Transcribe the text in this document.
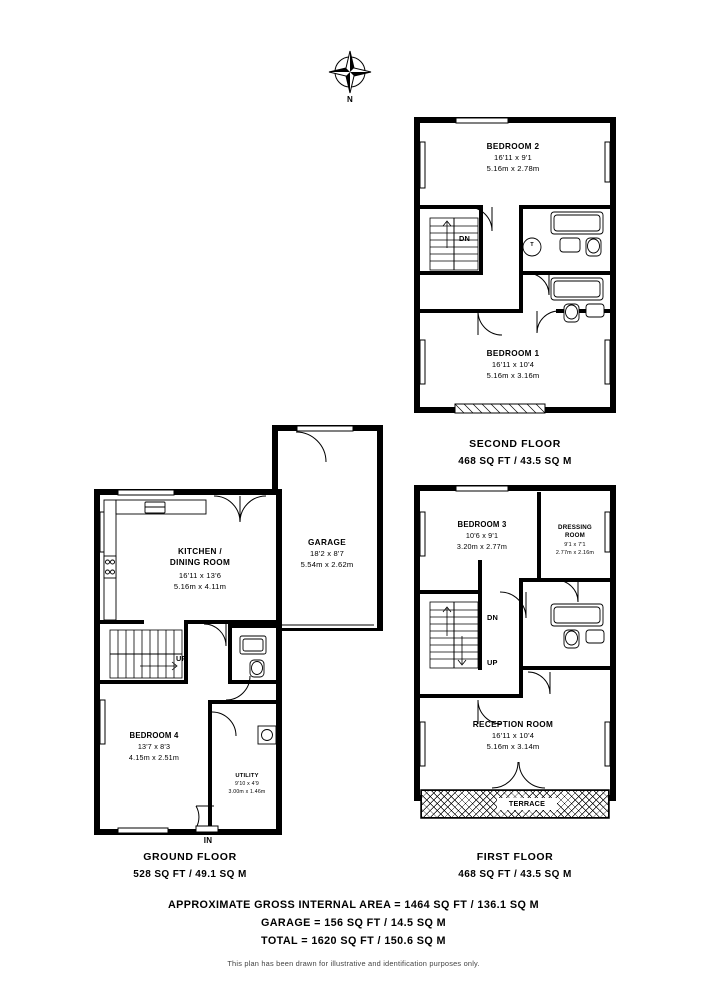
N
BEDROOM 2
16'11 x 9'1
5.16m x 2.78m
BEDROOM 1
16'11 x 10'4
5.16m x 3.16m
DN
T
SECOND FLOOR
468 SQ FT / 43.5 SQ M
TERRACE
BEDROOM 3
10'6 x 9'1
3.20m x 2.77m
DRESSING
ROOM
9'1 x 7'1
2.77m x 2.16m
RECEPTION ROOM
16'11 x 10'4
5.16m x 3.14m
DN
UP
FIRST FLOOR
468 SQ FT / 43.5 SQ M
KITCHEN /
DINING ROOM
16'11 x 13'6
5.16m x 4.11m
GARAGE
18'2 x 8'7
5.54m x 2.62m
BEDROOM 4
13'7 x 8'3
4.15m x 2.51m
UTILITY
9'10 x 4'9
3.00m x 1.46m
UP
IN
GROUND FLOOR
528 SQ FT / 49.1 SQ M
APPROXIMATE GROSS INTERNAL AREA = 1464 SQ FT / 136.1 SQ M
GARAGE = 156 SQ FT / 14.5 SQ M
TOTAL = 1620 SQ FT / 150.6 SQ M
This plan has been drawn for illustrative and identification purposes only.
